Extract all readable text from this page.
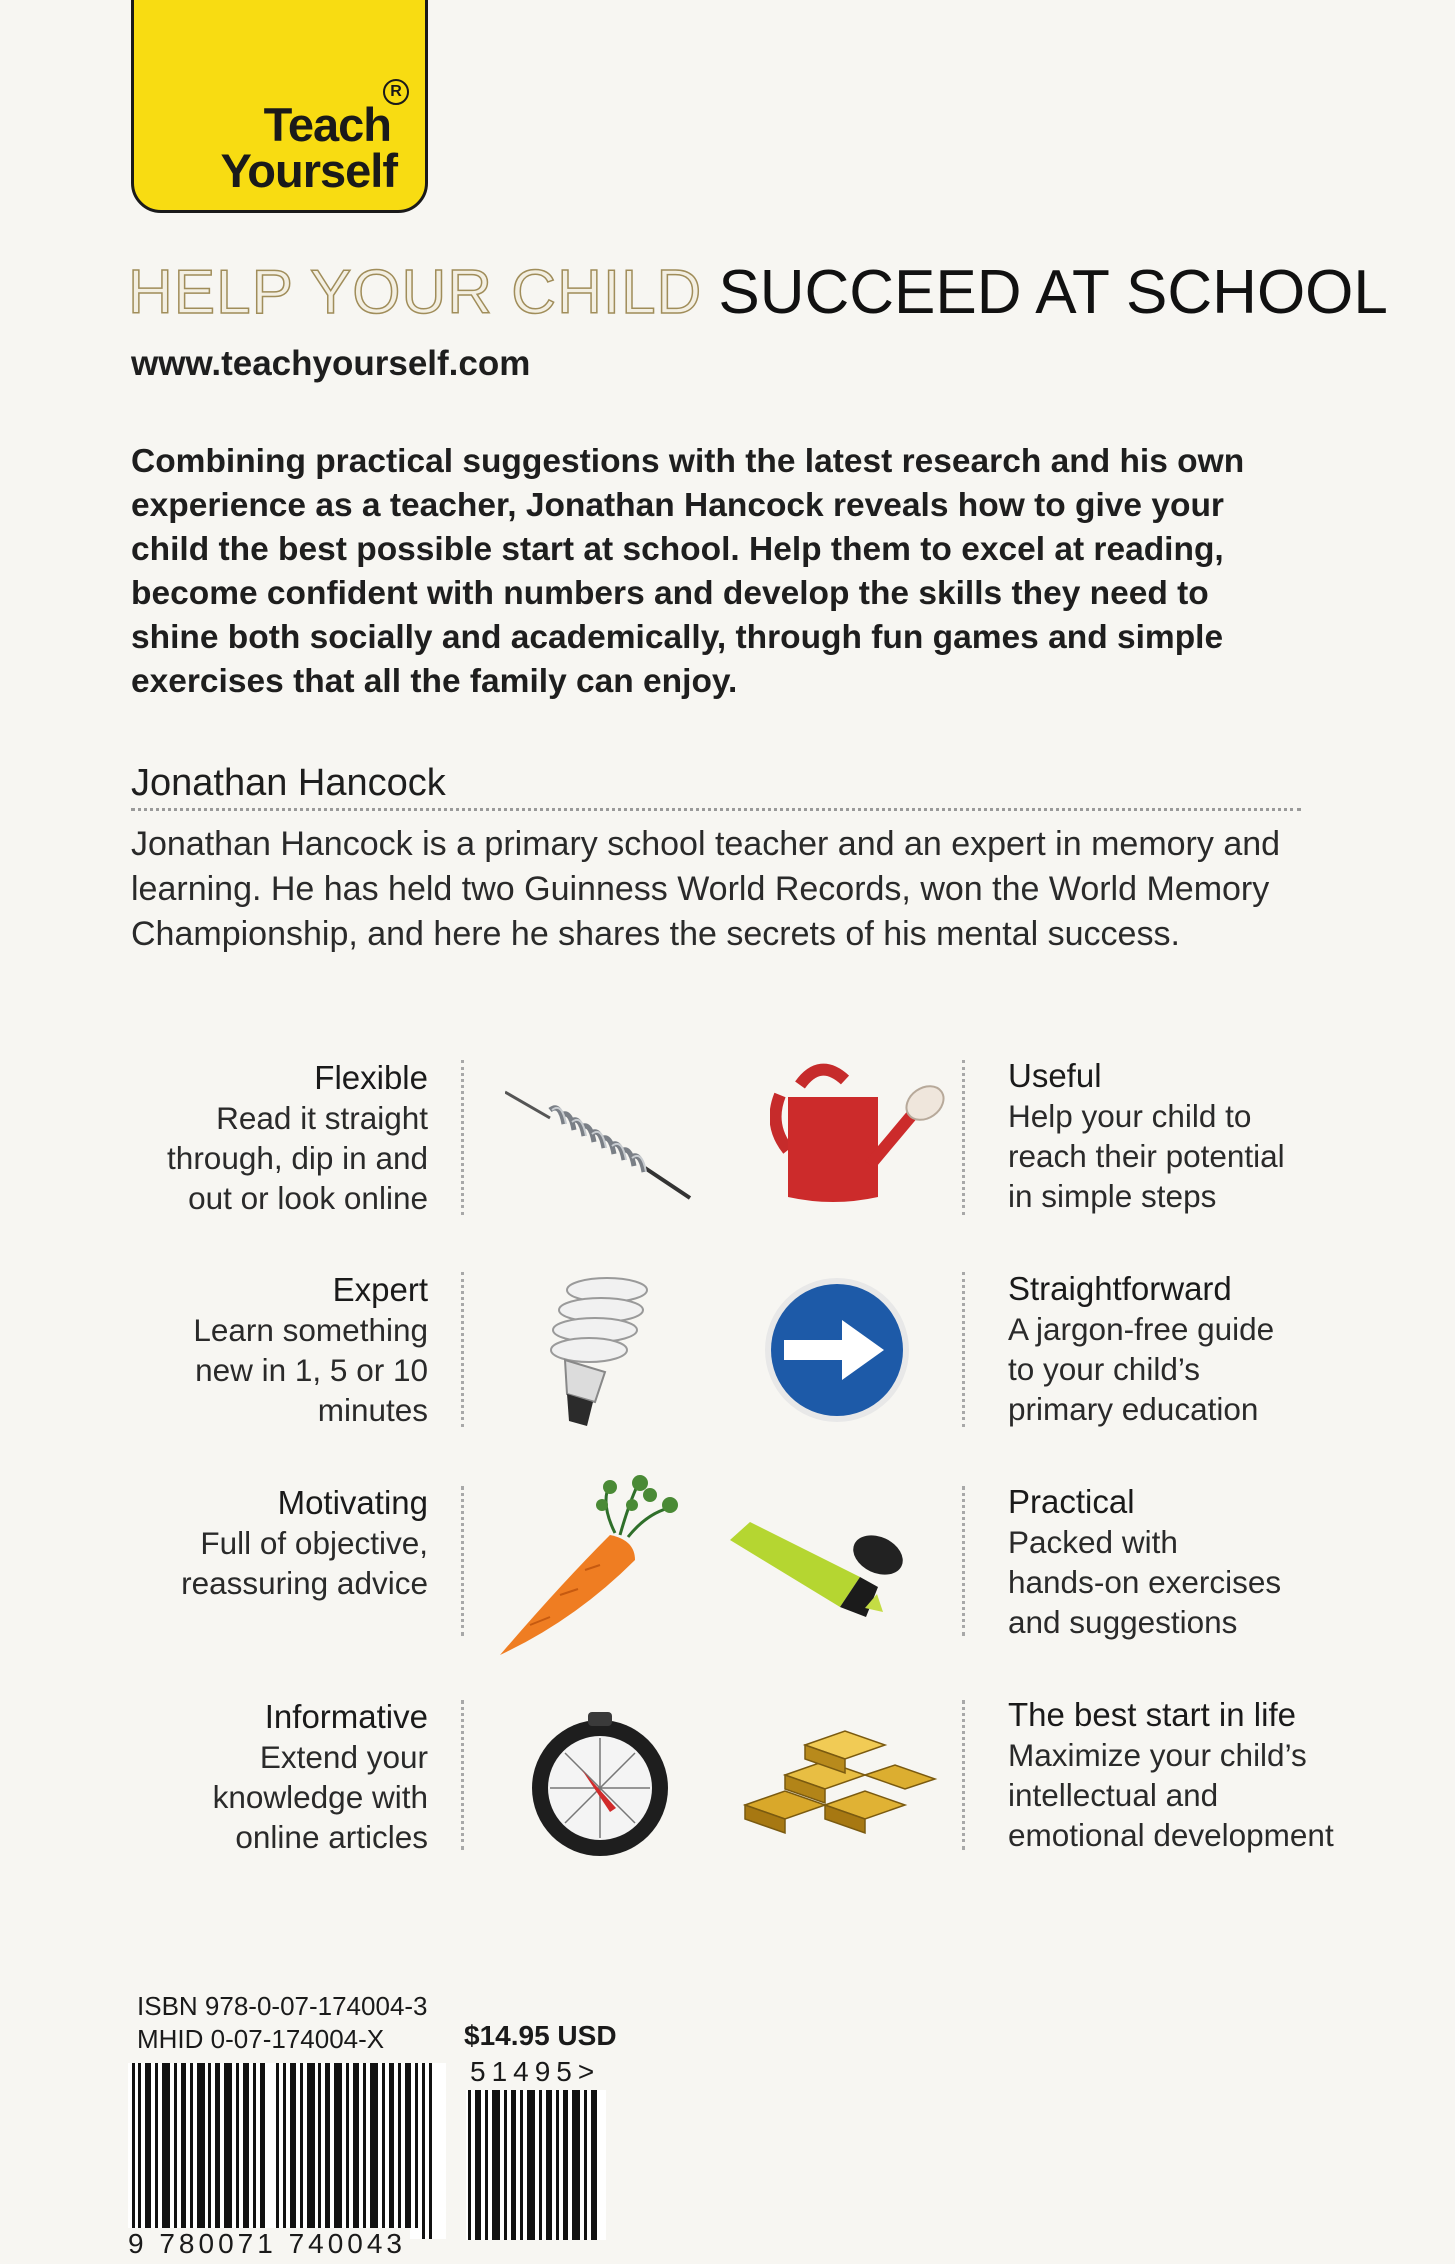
R
Teach
Yourself
HELP YOUR CHILD SUCCEED AT SCHOOL
www.teachyourself.com

Combining practical suggestions with the latest research and his own experience as a teacher, Jonathan Hancock reveals how to give your child the best possible start at school. Help them to excel at reading, become confident with numbers and develop the skills they need to shine both socially and academically, through fun games and simple exercises that all the family can enjoy.

Jonathan Hancock

Jonathan Hancock is a primary school teacher and an expert in memory and learning. He has held two Guinness World Records, won the World Memory Championship, and here he shares the secrets of his mental success.

Flexible
Read it straight
through, dip in and
out or look online
Expert
Learn something
new in 1, 5 or 10
minutes
Motivating
Full of objective,
reassuring advice
Informative
Extend your
knowledge with
online articles
Useful
Help your child to
reach their potential
in simple steps
Straightforward
A jargon-free guide
to your child’s
primary education
Practical
Packed with
hands-on exercises
and suggestions
The best start in life
Maximize your child’s
intellectual and
emotional development
ISBN 978-0-07-174004-3
MHID 0-07-174004-X	$14.95 USD
51495>
9 780071 740043
